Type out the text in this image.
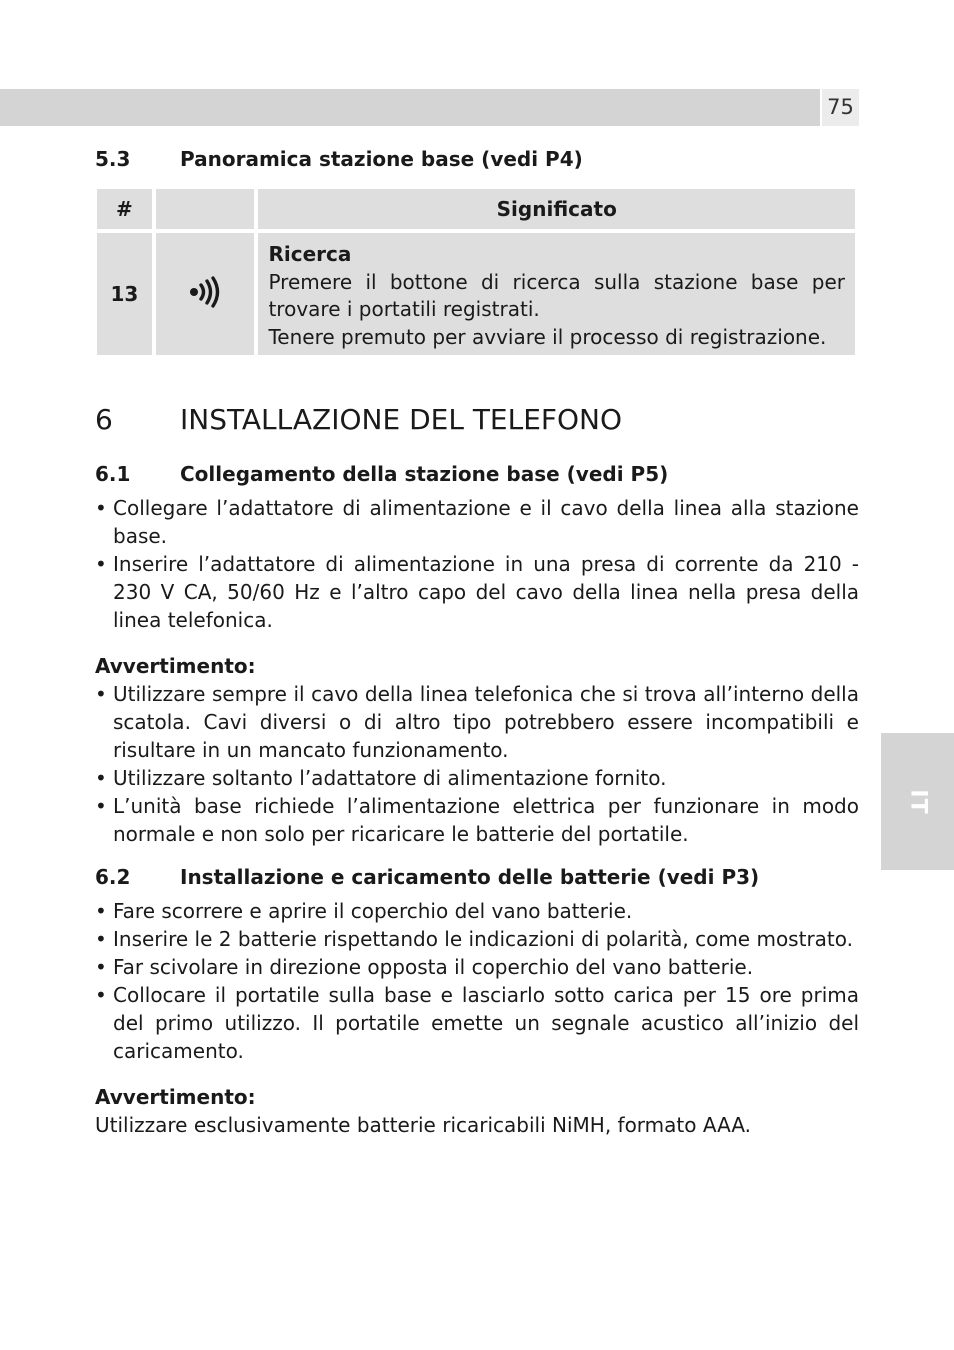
75
IT
5.3 Panoramica stazione base (vedi P4)
#		Significato
13		Ricerca
Premere il bottone di ricerca sulla stazione base per trovare i portatili registrati.
Tenere premuto per avviare il processo di registrazione.
6 INSTALLAZIONE DEL TELEFONO
6.1 Collegamento della stazione base (vedi P5)
• Collegare l’adattatore di alimentazione e il cavo della linea alla stazione base.
• Inserire l’adattatore di alimentazione in una presa di corrente da 210 - 230 V CA, 50/60 Hz e l’altro capo del cavo della linea nella presa della linea telefonica.
Avvertimento:
• Utilizzare sempre il cavo della linea telefonica che si trova all’interno della scatola. Cavi diversi o di altro tipo potrebbero essere incompatibili e risultare in un mancato funzionamento.
• Utilizzare soltanto l’adattatore di alimentazione fornito.
• L’unità base richiede l’alimentazione elettrica per funzionare in modo normale e non solo per ricaricare le batterie del portatile.
6.2 Installazione e caricamento delle batterie (vedi P3)
• Fare scorrere e aprire il coperchio del vano batterie.
• Inserire le 2 batterie rispettando le indicazioni di polarità, come mostrato.
• Far scivolare in direzione opposta il coperchio del vano batterie.
• Collocare il portatile sulla base e lasciarlo sotto carica per 15 ore prima del primo utilizzo. Il portatile emette un segnale acustico all’inizio del caricamento.
Avvertimento:
Utilizzare esclusivamente batterie ricaricabili NiMH, formato AAA.
